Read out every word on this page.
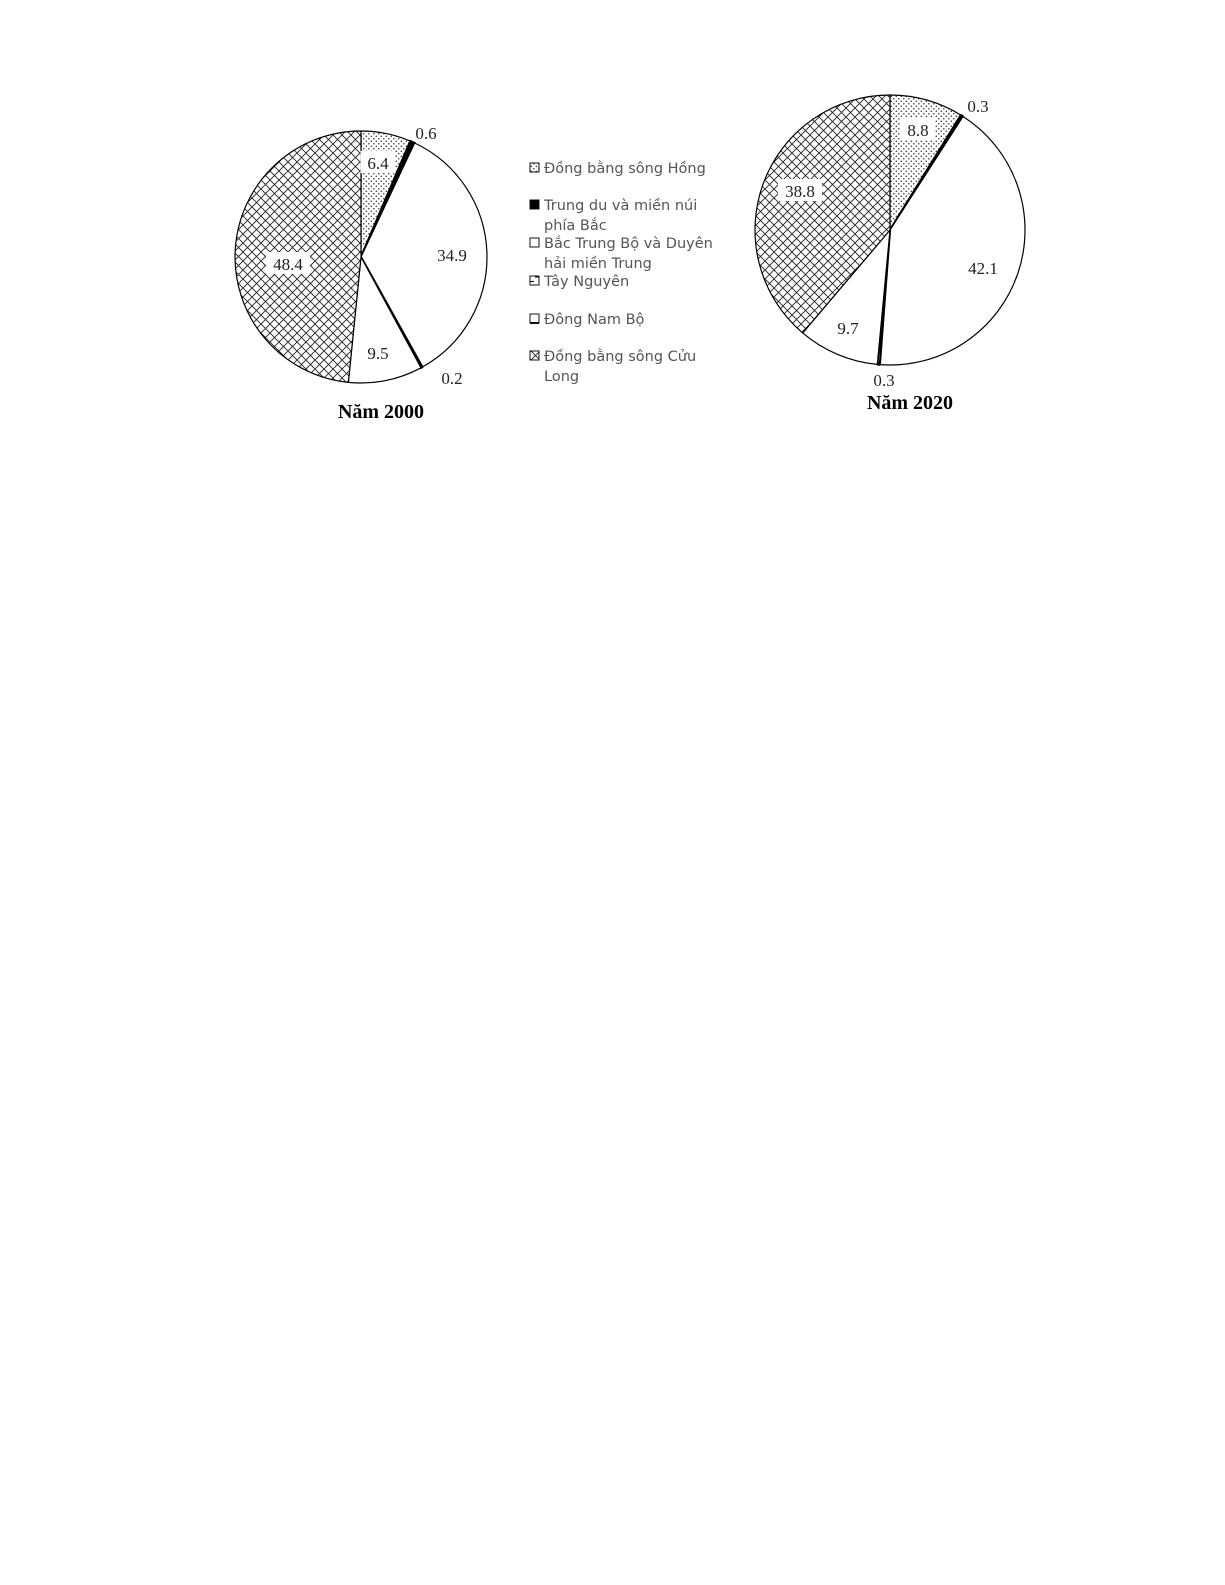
6.4
0.6
34.9
0.2
9.5
48.4
Năm 2000
8.8
0.3
42.1
0.3
9.7
38.8
Năm 2020
Đồng bằng sông Hồng
Trung du và miền núi
phía Bắc
Bắc Trung Bộ và Duyên
hải miền Trung
Tây Nguyên
Đông Nam Bộ
Đồng bằng sông Cửu
Long
